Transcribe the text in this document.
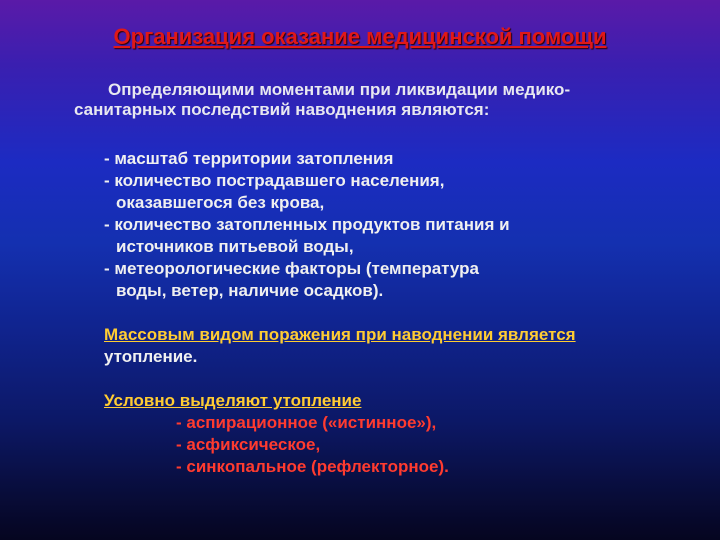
Организация оказание медицинской помощи
Определяющими моментами при ликвидации медико-
санитарных последствий наводнения являются:
- масштаб территории затопления
- количество пострадавшего населения,
оказавшегося без крова,
- количество затопленных продуктов питания и
источников питьевой воды,
- метеорологические факторы (температура
воды, ветер, наличие осадков).
Массовым видом поражения при наводнении является
утопление.
Условно выделяют утопление
- аспирационное («истинное»),
- асфиксическое,
- синкопальное (рефлекторное).
